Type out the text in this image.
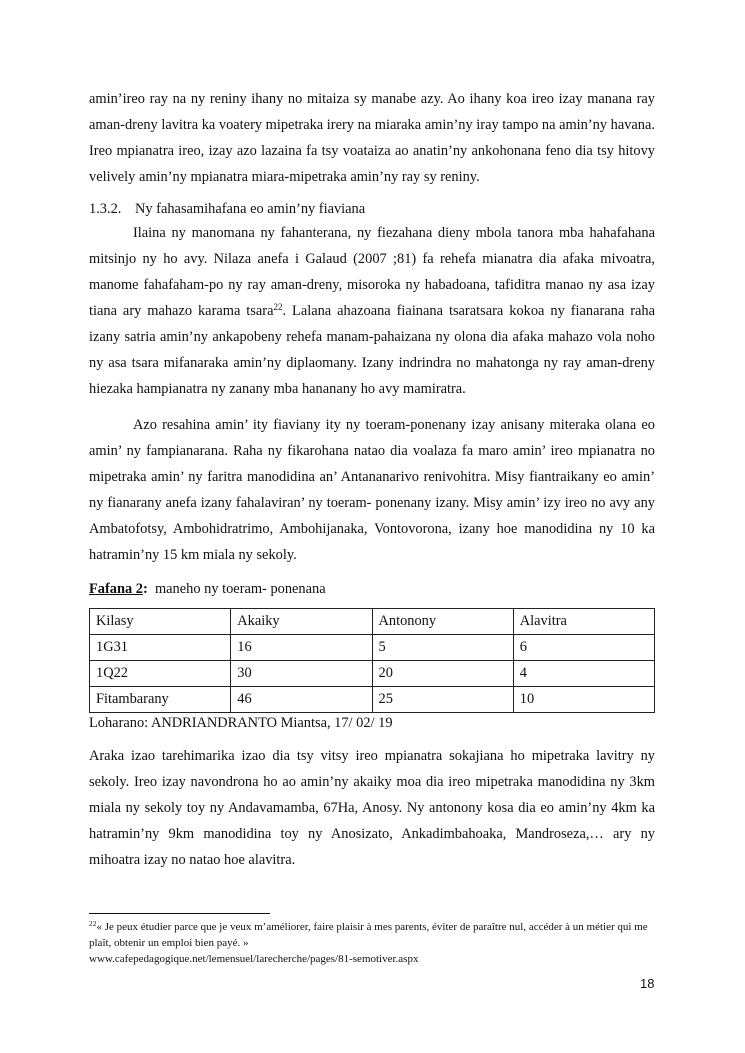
amin’ireo ray na ny reniny ihany no mitaiza sy manabe azy. Ao ihany koa ireo izay manana ray aman-dreny lavitra ka voatery mipetraka irery na miaraka amin’ny iray tampo na amin’ny havana. Ireo mpianatra ireo, izay azo lazaina fa tsy voataiza ao anatin’ny ankohonana feno dia tsy hitovy velively amin’ny mpianatra miara-mipetraka amin’ny ray sy reniny.

1.3.2. Ny fahasamihafana eo amin’ny fiaviana

Ilaina ny manomana ny fahanterana, ny fiezahana dieny mbola tanora mba hahafahana mitsinjo ny ho avy. Nilaza anefa i Galaud (2007 ;81) fa rehefa mianatra dia afaka mivoatra, manome fahafaham-po ny ray aman-dreny, misoroka ny habadoana, tafiditra manao ny asa izay tiana ary mahazo karama tsara$^{22}$. Lalana ahazoana fiainana tsaratsara kokoa ny fianarana raha izany satria amin’ny ankapobeny rehefa manam-pahaizana ny olona dia afaka mahazo vola noho ny asa tsara mifanaraka amin’ny diplaomany. Izany indrindra no mahatonga ny ray aman-dreny hiezaka hampianatra ny zanany mba hananany ho avy mamiratra.

Azo resahina amin’ ity fiaviany ity ny toeram-ponenany izay anisany miteraka olana eo amin’ ny fampianarana. Raha ny fikarohana natao dia voalaza fa maro amin’ ireo mpianatra no mipetraka amin’ ny faritra manodidina an’ Antananarivo renivohitra. Misy fiantraikany eo amin’ ny fianarany anefa izany fahalaviran’ ny toeram- ponenany izany. Misy amin’ izy ireo no avy any Ambatofotsy, Ambohidratrimo, Ambohijanaka, Vontovorona, izany hoe manodidina ny 10 ka hatramin’ny 15 km miala ny sekoly.

Fafana 2: maneho ny toeram- ponenana
Kilasy	Akaiky	Antonony	Alavitra
1G31	16	5	6
1Q22	30	20	4
Fitambarany	46	25	10
Loharano: ANDRIANDRANTO Miantsa, 17/ 02/ 19

Araka izao tarehimarika izao dia tsy vitsy ireo mpianatra sokajiana ho mipetraka lavitry ny sekoly. Ireo izay navondrona ho ao amin’ny akaiky moa dia ireo mipetraka manodidina ny 3km miala ny sekoly toy ny Andavamamba, 67Ha, Anosy. Ny antonony kosa dia eo amin’ny 4km ka hatramin’ny 9km manodidina toy ny Anosizato, Ankadimbahoaka, Mandroseza,… ary ny mihoatra izay no natao hoe alavitra.

$^{22}$« Je peux étudier parce que je veux m’améliorer, faire plaisir à mes parents, éviter de paraître nul, accéder à un métier qui me plaît, obtenir un emploi bien payé. »
www.cafepedagogique.net/lemensuel/larecherche/pages/81-semotiver.aspx
18
